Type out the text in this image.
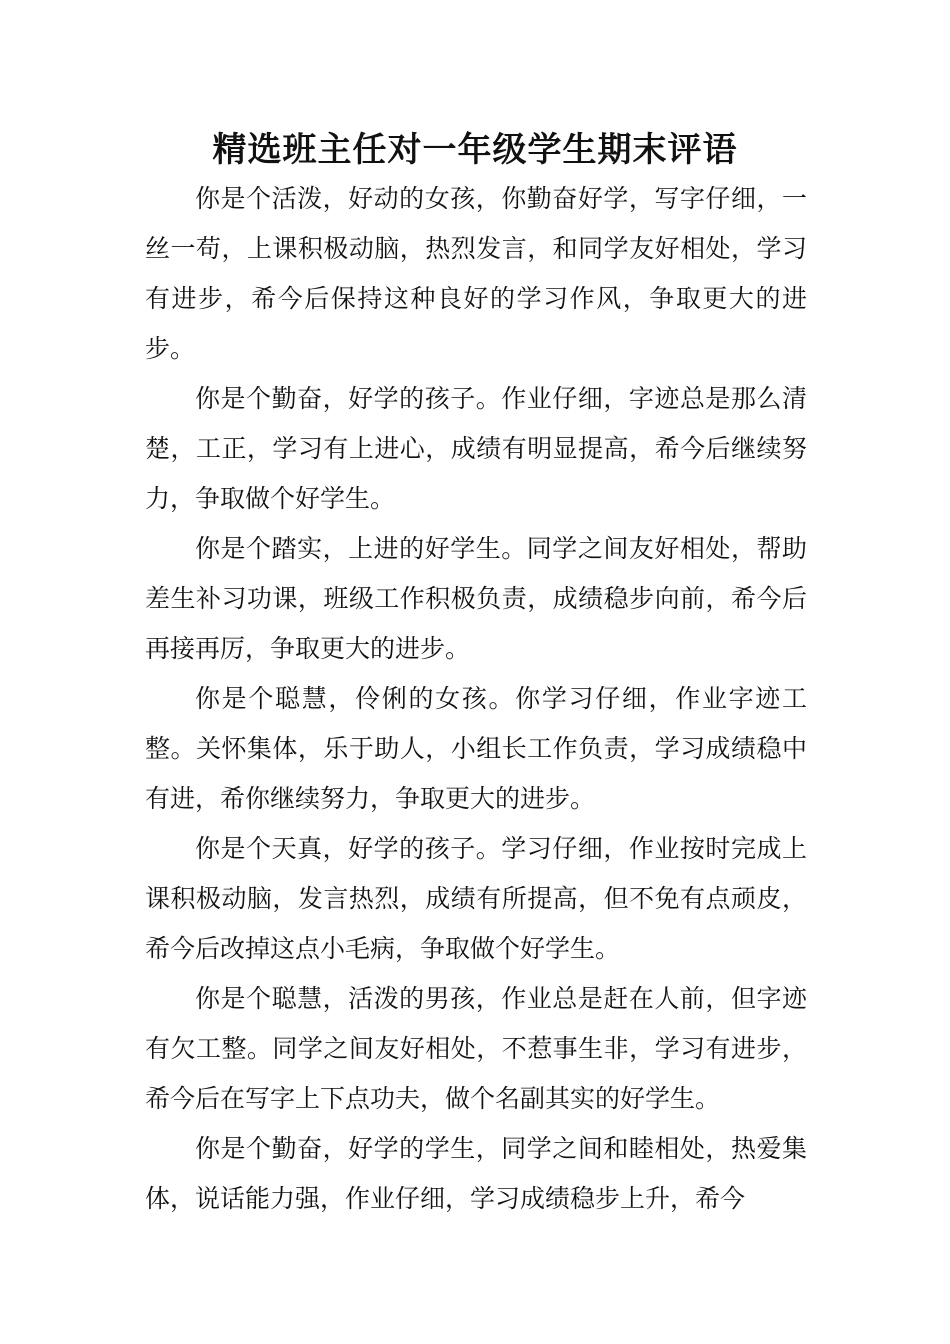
精选班主任对一年级学生期末评语

你是个活泼，好动的女孩，你勤奋好学，写字仔细，一丝一苟，上课积极动脑，热烈发言，和同学友好相处，学习有进步，希今后保持这种良好的学习作风，争取更大的进步。

你是个勤奋，好学的孩子。作业仔细，字迹总是那么清楚，工正，学习有上进心，成绩有明显提高，希今后继续努力，争取做个好学生。

你是个踏实，上进的好学生。同学之间友好相处，帮助差生补习功课，班级工作积极负责，成绩稳步向前，希今后再接再厉，争取更大的进步。

你是个聪慧，伶俐的女孩。你学习仔细，作业字迹工整。关怀集体，乐于助人，小组长工作负责，学习成绩稳中有进，希你继续努力，争取更大的进步。

你是个天真，好学的孩子。学习仔细，作业按时完成上课积极动脑，发言热烈，成绩有所提高，但不免有点顽皮，希今后改掉这点小毛病，争取做个好学生。

你是个聪慧，活泼的男孩，作业总是赶在人前，但字迹有欠工整。同学之间友好相处，不惹事生非，学习有进步，希今后在写字上下点功夫，做个名副其实的好学生。

你是个勤奋，好学的学生，同学之间和睦相处，热爱集体，说话能力强，作业仔细，学习成绩稳步上升，希今
